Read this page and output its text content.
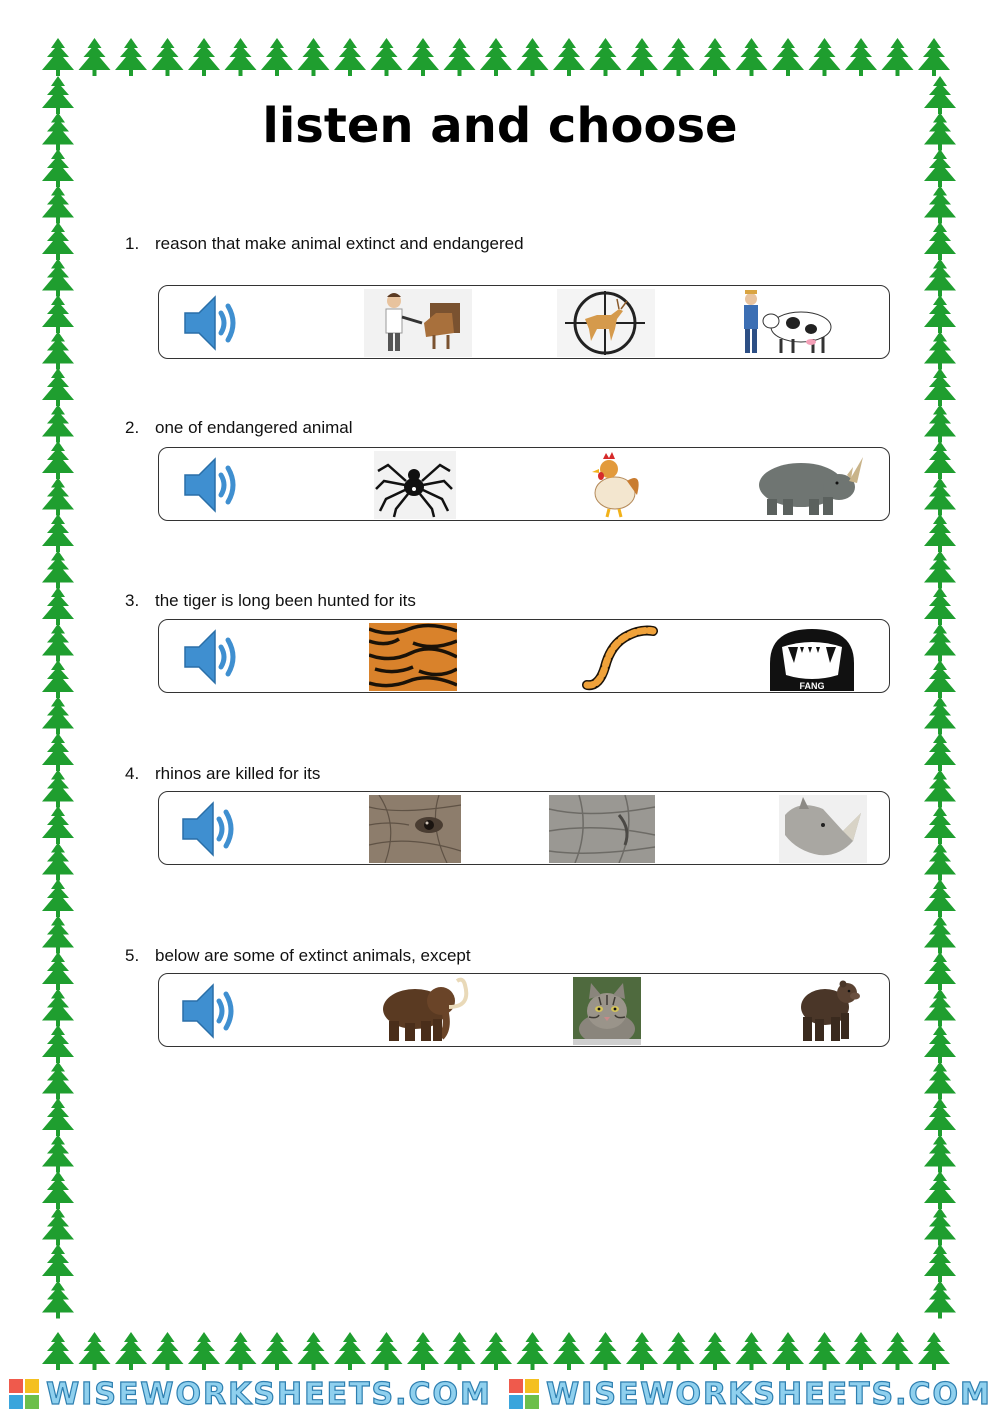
listen and choose
1. reason that make animal extinct and endangered
2. one of endangered animal
3. the tiger is long been hunted for its
FANG
4. rhinos are killed for its
5. below are some of extinct animals, except
WISEWORKSHEETS.COM WISEWORKSHEETS.COM
